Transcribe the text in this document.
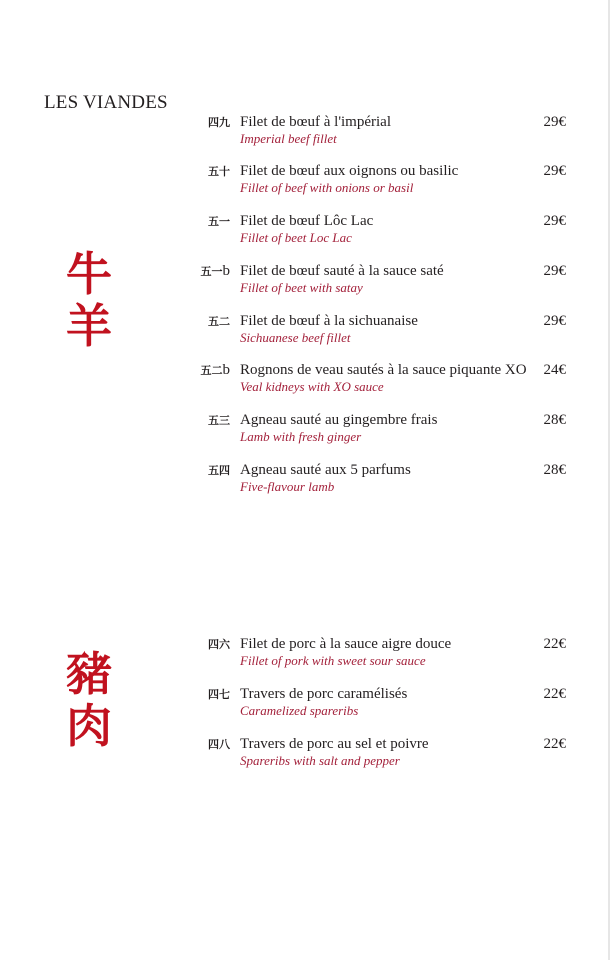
LES VIANDES
牛
羊
豬
肉
四九 Filet de bœuf à l'impérial
Imperial beef fillet
29€
五十 Filet de bœuf aux oignons ou basilic
Fillet of beef with onions or basil
29€
五一 Filet de bœuf Lôc Lac
Fillet of beet Loc Lac
29€
五一b Filet de bœuf sauté à la sauce saté
Fillet of beet with satay
29€
五二 Filet de bœuf à la sichuanaise
Sichuanese beef fillet
29€
五二b Rognons de veau sautés à la sauce piquante XO
Veal kidneys with XO sauce
24€
五三 Agneau sauté au gingembre frais
Lamb with fresh ginger
28€
五四 Agneau sauté aux 5 parfums
Five-flavour lamb
28€
四六 Filet de porc à la sauce aigre douce
Fillet of pork with sweet sour sauce
22€
四七 Travers de porc caramélisés
Caramelized spareribs
22€
四八 Travers de porc au sel et poivre
Spareribs with salt and pepper
22€
